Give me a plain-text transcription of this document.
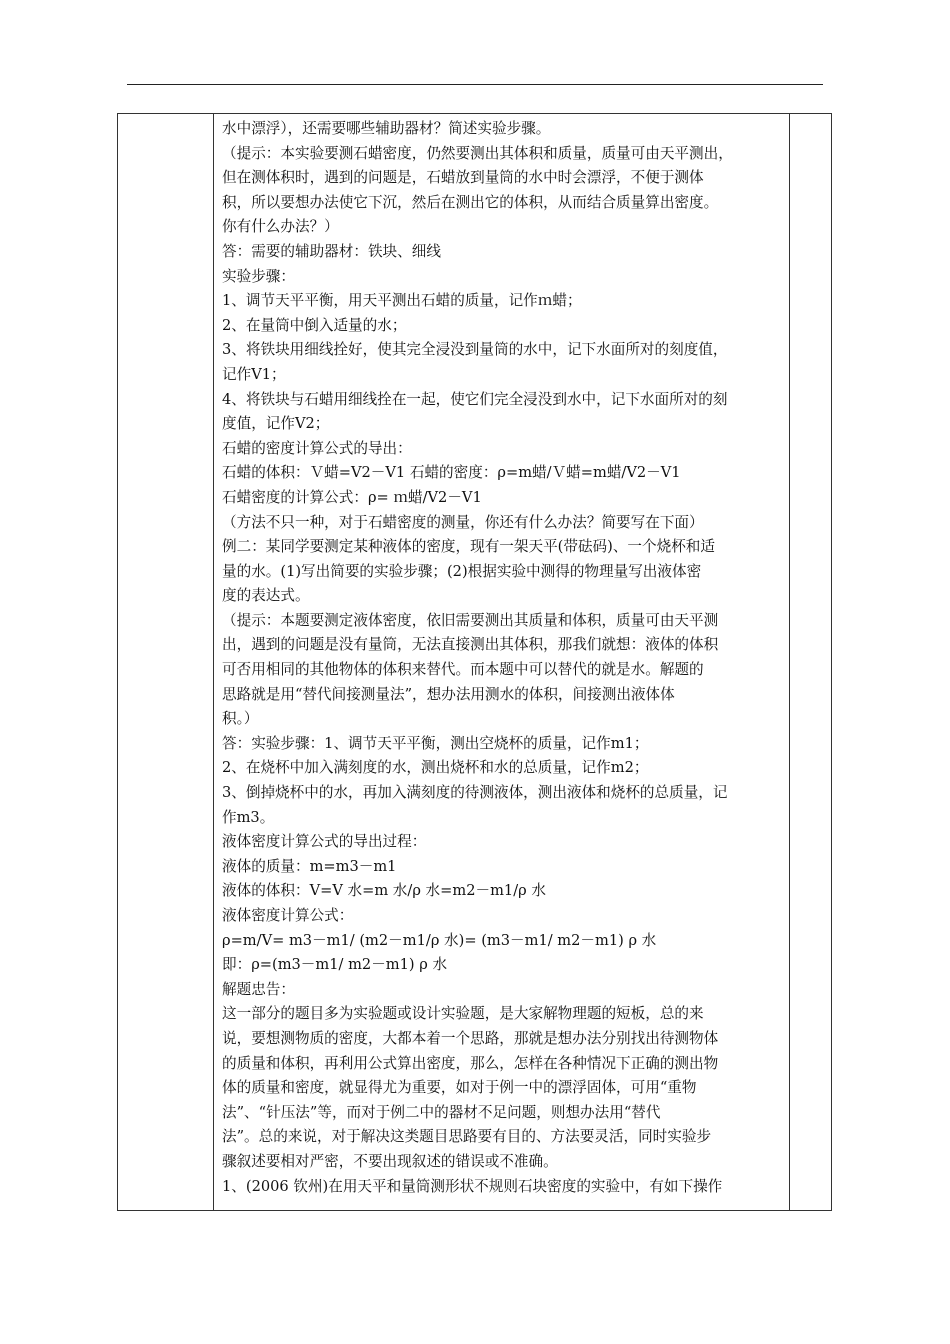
水中漂浮），还需要哪些辅助器材？简述实验步骤。

（提示：本实验要测石蜡密度，仍然要测出其体积和质量，质量可由天平测出，

但在测体积时，遇到的问题是，石蜡放到量筒的水中时会漂浮，不便于测体

积，所以要想办法使它下沉，然后在测出它的体积，从而结合质量算出密度。

你有什么办法？）

答：需要的辅助器材：铁块、细线

实验步骤：

1、调节天平平衡，用天平测出石蜡的质量，记作ｍ蜡；

2、在量筒中倒入适量的水；

3、将铁块用细线拴好，使其完全浸没到量筒的水中，记下水面所对的刻度值，

记作V1；

4、将铁块与石蜡用细线拴在一起，使它们完全浸没到水中，记下水面所对的刻

度值，记作V2；

石蜡的密度计算公式的导出：

石蜡的体积：Ｖ蜡=V2－V1 石蜡的密度：ρ=m蜡/Ｖ蜡=m蜡/V2－V1

石蜡密度的计算公式：ρ= ｍ蜡/V2－V1

（方法不只一种，对于石蜡密度的测量，你还有什么办法？简要写在下面）

例二：某同学要测定某种液体的密度，现有一架天平(带砝码)、一个烧杯和适

量的水。(1)写出简要的实验步骤；(2)根据实验中测得的物理量写出液体密

度的表达式。

（提示：本题要测定液体密度，依旧需要测出其质量和体积，质量可由天平测

出，遇到的问题是没有量筒，无法直接测出其体积，那我们就想：液体的体积

可否用相同的其他物体的体积来替代。而本题中可以替代的就是水。解题的

思路就是用“替代间接测量法”，想办法用测水的体积，间接测出液体体

积。）

答：实验步骤：1、调节天平平衡，测出空烧杯的质量，记作m1；

2、在烧杯中加入满刻度的水，测出烧杯和水的总质量，记作m2；

3、倒掉烧杯中的水，再加入满刻度的待测液体，测出液体和烧杯的总质量，记

作m3。

液体密度计算公式的导出过程：

液体的质量：m=m3－m1

液体的体积：V=V 水=m 水/ρ 水=m2－m1/ρ 水

液体密度计算公式：

ρ=m/V= m3－m1/ (m2－m1/ρ 水)= (m3－m1/ m2－m1) ρ 水

即：ρ=(m3－m1/ m2－m1) ρ 水

解题忠告：

这一部分的题目多为实验题或设计实验题，是大家解物理题的短板，总的来

说，要想测物质的密度，大都本着一个思路，那就是想办法分别找出待测物体

的质量和体积，再利用公式算出密度，那么，怎样在各种情况下正确的测出物

体的质量和密度，就显得尤为重要，如对于例一中的漂浮固体，可用“重物

法”、“针压法”等，而对于例二中的器材不足问题，则想办法用“替代

法”。总的来说，对于解决这类题目思路要有目的、方法要灵活，同时实验步

骤叙述要相对严密，不要出现叙述的错误或不准确。

1、(2006 钦州)在用天平和量筒测形状不规则石块密度的实验中，有如下操作
